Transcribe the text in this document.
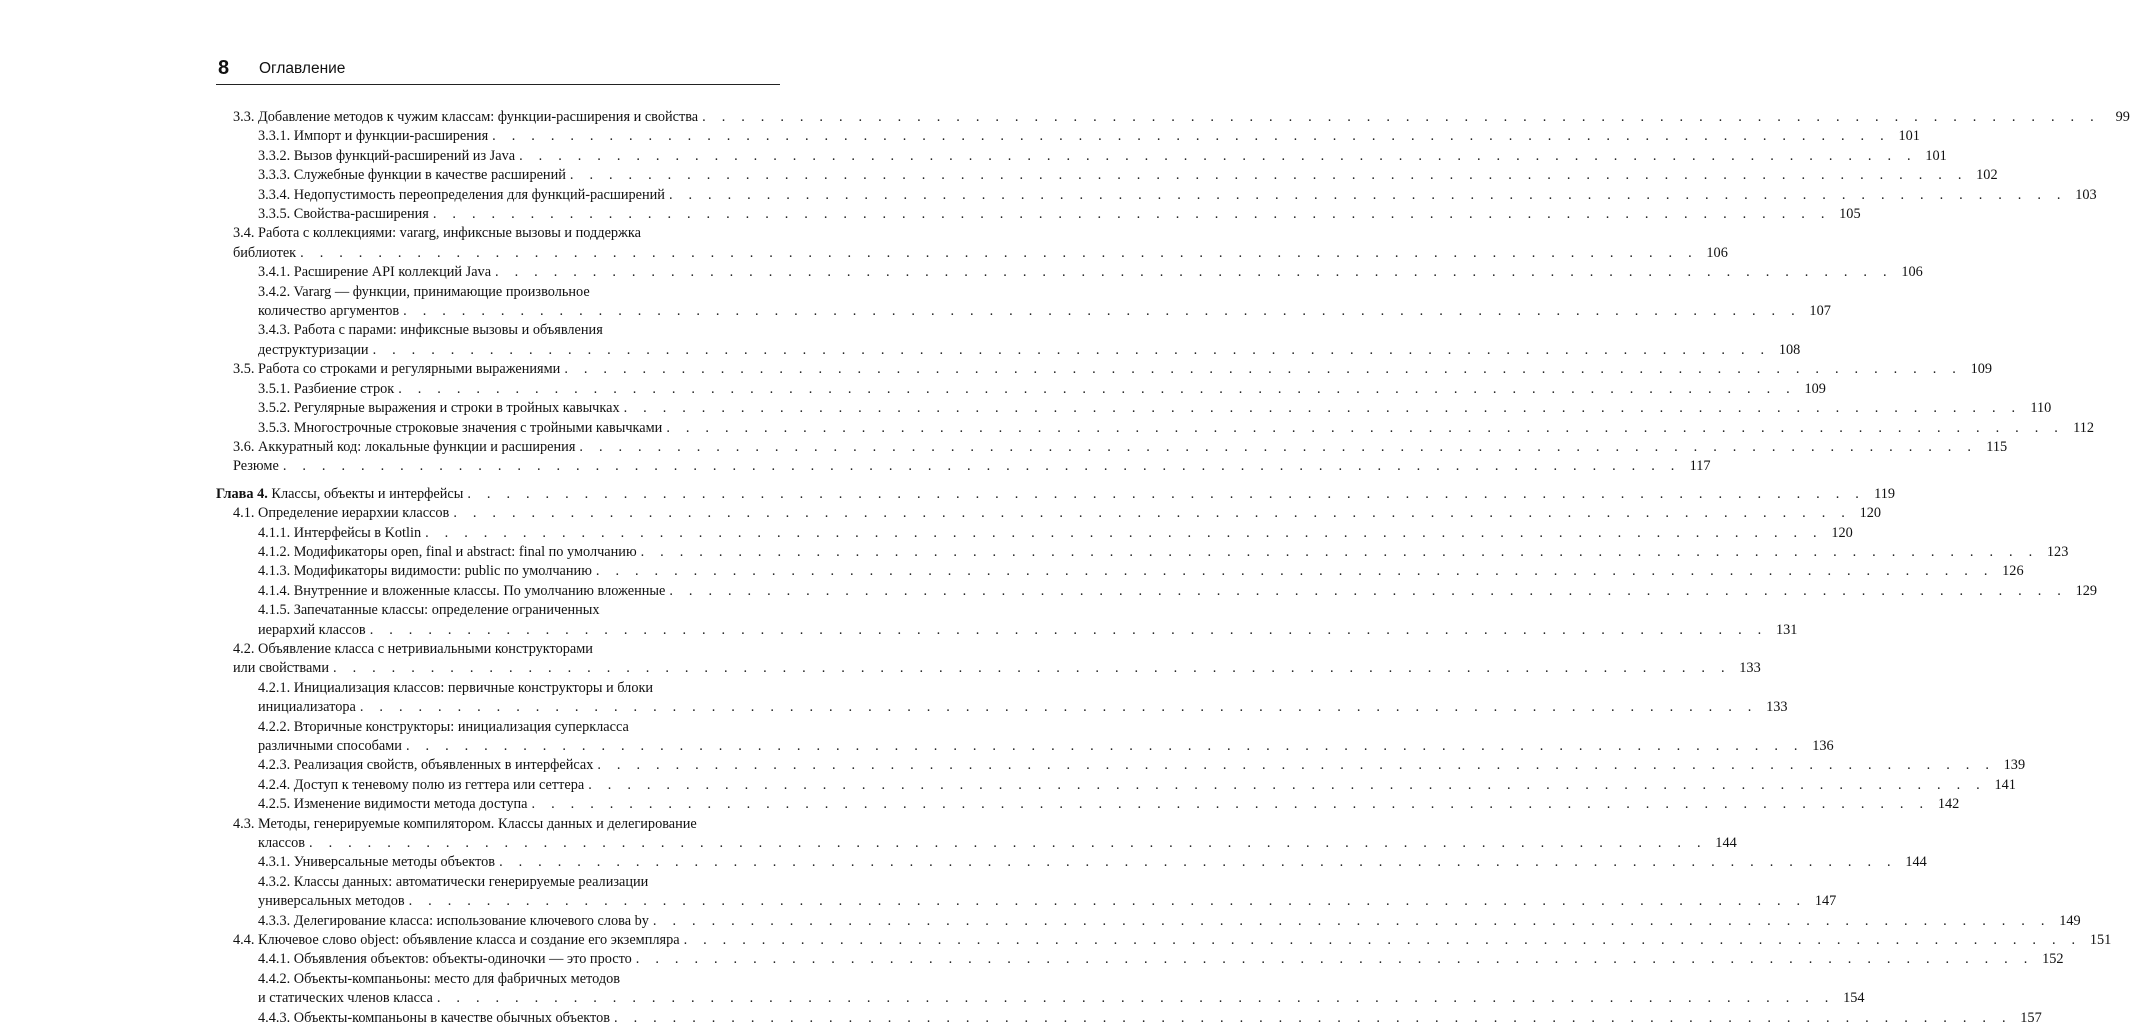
8 Оглавление
3.3. Добавление методов к чужим классам: функции-расширения и свойства . . . . . . . . . . . . . . . . . . . . . . . . . . . . . . . . . . . . . . . . . . . . . . . . . . . . . . . . . . . . . . . . . . . . . . . .	99
3.3.1. Импорт и функции-расширения . . . . . . . . . . . . . . . . . . . . . . . . . . . . . . . . . . . . . . . . . . . . . . . . . . . . . . . . . . . . . . . . . . . . . . . . 101
3.3.2. Вызов функций-расширений из Java . . . . . . . . . . . . . . . . . . . . . . . . . . . . . . . . . . . . . . . . . . . . . . . . . . . . . . . . . . . . . . . . . . . . . . . . 101
3.3.3. Служебные функции в качестве расширений . . . . . . . . . . . . . . . . . . . . . . . . . . . . . . . . . . . . . . . . . . . . . . . . . . . . . . . . . . . . . . . . . . . . . . . . 102
3.3.4. Недопустимость переопределения для функций-расширений . . . . . . . . . . . . . . . . . . . . . . . . . . . . . . . . . . . . . . . . . . . . . . . . . . . . . . . . . . . . . . . . . . . . . . . . 103
3.3.5. Свойства-расширения . . . . . . . . . . . . . . . . . . . . . . . . . . . . . . . . . . . . . . . . . . . . . . . . . . . . . . . . . . . . . . . . . . . . . . . . 105
3.4. Работа с коллекциями: vararg, инфиксные вызовы и поддержка
библиотек . . . . . . . . . . . . . . . . . . . . . . . . . . . . . . . . . . . . . . . . . . . . . . . . . . . . . . . . . . . . . . . . . . . . . . . . 106
3.4.1. Расширение API коллекций Java . . . . . . . . . . . . . . . . . . . . . . . . . . . . . . . . . . . . . . . . . . . . . . . . . . . . . . . . . . . . . . . . . . . . . . . . 106
3.4.2. Vararg — функции, принимающие произвольное
количество аргументов . . . . . . . . . . . . . . . . . . . . . . . . . . . . . . . . . . . . . . . . . . . . . . . . . . . . . . . . . . . . . . . . . . . . . . . . 107
3.4.3. Работа с парами: инфиксные вызовы и объявления
деструктуризации . . . . . . . . . . . . . . . . . . . . . . . . . . . . . . . . . . . . . . . . . . . . . . . . . . . . . . . . . . . . . . . . . . . . . . . . 108
3.5. Работа со строками и регулярными выражениями . . . . . . . . . . . . . . . . . . . . . . . . . . . . . . . . . . . . . . . . . . . . . . . . . . . . . . . . . . . . . . . . . . . . . . . . 109
3.5.1. Разбиение строк . . . . . . . . . . . . . . . . . . . . . . . . . . . . . . . . . . . . . . . . . . . . . . . . . . . . . . . . . . . . . . . . . . . . . . . . 109
3.5.2. Регулярные выражения и строки в тройных кавычках . . . . . . . . . . . . . . . . . . . . . . . . . . . . . . . . . . . . . . . . . . . . . . . . . . . . . . . . . . . . . . . . . . . . . . . . 110
3.5.3. Многострочные строковые значения с тройными кавычками . . . . . . . . . . . . . . . . . . . . . . . . . . . . . . . . . . . . . . . . . . . . . . . . . . . . . . . . . . . . . . . . . . . . . . . . 112
3.6. Аккуратный код: локальные функции и расширения . . . . . . . . . . . . . . . . . . . . . . . . . . . . . . . . . . . . . . . . . . . . . . . . . . . . . . . . . . . . . . . . . . . . . . . . 115
Резюме . . . . . . . . . . . . . . . . . . . . . . . . . . . . . . . . . . . . . . . . . . . . . . . . . . . . . . . . . . . . . . . . . . . . . . . . 117
Глава 4. Классы, объекты и интерфейсы . . . . . . . . . . . . . . . . . . . . . . . . . . . . . . . . . . . . . . . . . . . . . . . . . . . . . . . . . . . . . . . . . . . . . . . . 119
4.1. Определение иерархии классов . . . . . . . . . . . . . . . . . . . . . . . . . . . . . . . . . . . . . . . . . . . . . . . . . . . . . . . . . . . . . . . . . . . . . . . . 120
4.1.1. Интерфейсы в Kotlin . . . . . . . . . . . . . . . . . . . . . . . . . . . . . . . . . . . . . . . . . . . . . . . . . . . . . . . . . . . . . . . . . . . . . . . . 120
4.1.2. Модификаторы open, final и abstract: final по умолчанию . . . . . . . . . . . . . . . . . . . . . . . . . . . . . . . . . . . . . . . . . . . . . . . . . . . . . . . . . . . . . . . . . . . . . . . . 123
4.1.3. Модификаторы видимости: public по умолчанию . . . . . . . . . . . . . . . . . . . . . . . . . . . . . . . . . . . . . . . . . . . . . . . . . . . . . . . . . . . . . . . . . . . . . . . . 126
4.1.4. Внутренние и вложенные классы. По умолчанию вложенные . . . . . . . . . . . . . . . . . . . . . . . . . . . . . . . . . . . . . . . . . . . . . . . . . . . . . . . . . . . . . . . . . . . . . . . . 129
4.1.5. Запечатанные классы: определение ограниченных
иерархий классов . . . . . . . . . . . . . . . . . . . . . . . . . . . . . . . . . . . . . . . . . . . . . . . . . . . . . . . . . . . . . . . . . . . . . . . . 131
4.2. Объявление класса с нетривиальными конструкторами
или свойствами . . . . . . . . . . . . . . . . . . . . . . . . . . . . . . . . . . . . . . . . . . . . . . . . . . . . . . . . . . . . . . . . . . . . . . . . 133
4.2.1. Инициализация классов: первичные конструкторы и блоки
инициализатора . . . . . . . . . . . . . . . . . . . . . . . . . . . . . . . . . . . . . . . . . . . . . . . . . . . . . . . . . . . . . . . . . . . . . . . . 133
4.2.2. Вторичные конструкторы: инициализация суперкласса
различными способами . . . . . . . . . . . . . . . . . . . . . . . . . . . . . . . . . . . . . . . . . . . . . . . . . . . . . . . . . . . . . . . . . . . . . . . . 136
4.2.3. Реализация свойств, объявленных в интерфейсах . . . . . . . . . . . . . . . . . . . . . . . . . . . . . . . . . . . . . . . . . . . . . . . . . . . . . . . . . . . . . . . . . . . . . . . . 139
4.2.4. Доступ к теневому полю из геттера или сеттера . . . . . . . . . . . . . . . . . . . . . . . . . . . . . . . . . . . . . . . . . . . . . . . . . . . . . . . . . . . . . . . . . . . . . . . . 141
4.2.5. Изменение видимости метода доступа . . . . . . . . . . . . . . . . . . . . . . . . . . . . . . . . . . . . . . . . . . . . . . . . . . . . . . . . . . . . . . . . . . . . . . . . 142
4.3. Методы, генерируемые компилятором. Классы данных и делегирование
классов . . . . . . . . . . . . . . . . . . . . . . . . . . . . . . . . . . . . . . . . . . . . . . . . . . . . . . . . . . . . . . . . . . . . . . . . 144
4.3.1. Универсальные методы объектов . . . . . . . . . . . . . . . . . . . . . . . . . . . . . . . . . . . . . . . . . . . . . . . . . . . . . . . . . . . . . . . . . . . . . . . . 144
4.3.2. Классы данных: автоматически генерируемые реализации
универсальных методов . . . . . . . . . . . . . . . . . . . . . . . . . . . . . . . . . . . . . . . . . . . . . . . . . . . . . . . . . . . . . . . . . . . . . . . . 147
4.3.3. Делегирование класса: использование ключевого слова by . . . . . . . . . . . . . . . . . . . . . . . . . . . . . . . . . . . . . . . . . . . . . . . . . . . . . . . . . . . . . . . . . . . . . . . . 149
4.4. Ключевое слово object: объявление класса и создание его экземпляра . . . . . . . . . . . . . . . . . . . . . . . . . . . . . . . . . . . . . . . . . . . . . . . . . . . . . . . . . . . . . . . . . . . . . . . . 151
4.4.1. Объявления объектов: объекты-одиночки — это просто . . . . . . . . . . . . . . . . . . . . . . . . . . . . . . . . . . . . . . . . . . . . . . . . . . . . . . . . . . . . . . . . . . . . . . . . 152
4.4.2. Объекты-компаньоны: место для фабричных методов
и статических членов класса . . . . . . . . . . . . . . . . . . . . . . . . . . . . . . . . . . . . . . . . . . . . . . . . . . . . . . . . . . . . . . . . . . . . . . . . 154
4.4.3. Объекты-компаньоны в качестве обычных объектов . . . . . . . . . . . . . . . . . . . . . . . . . . . . . . . . . . . . . . . . . . . . . . . . . . . . . . . . . . . . . . . . . . . . . . . . 157
